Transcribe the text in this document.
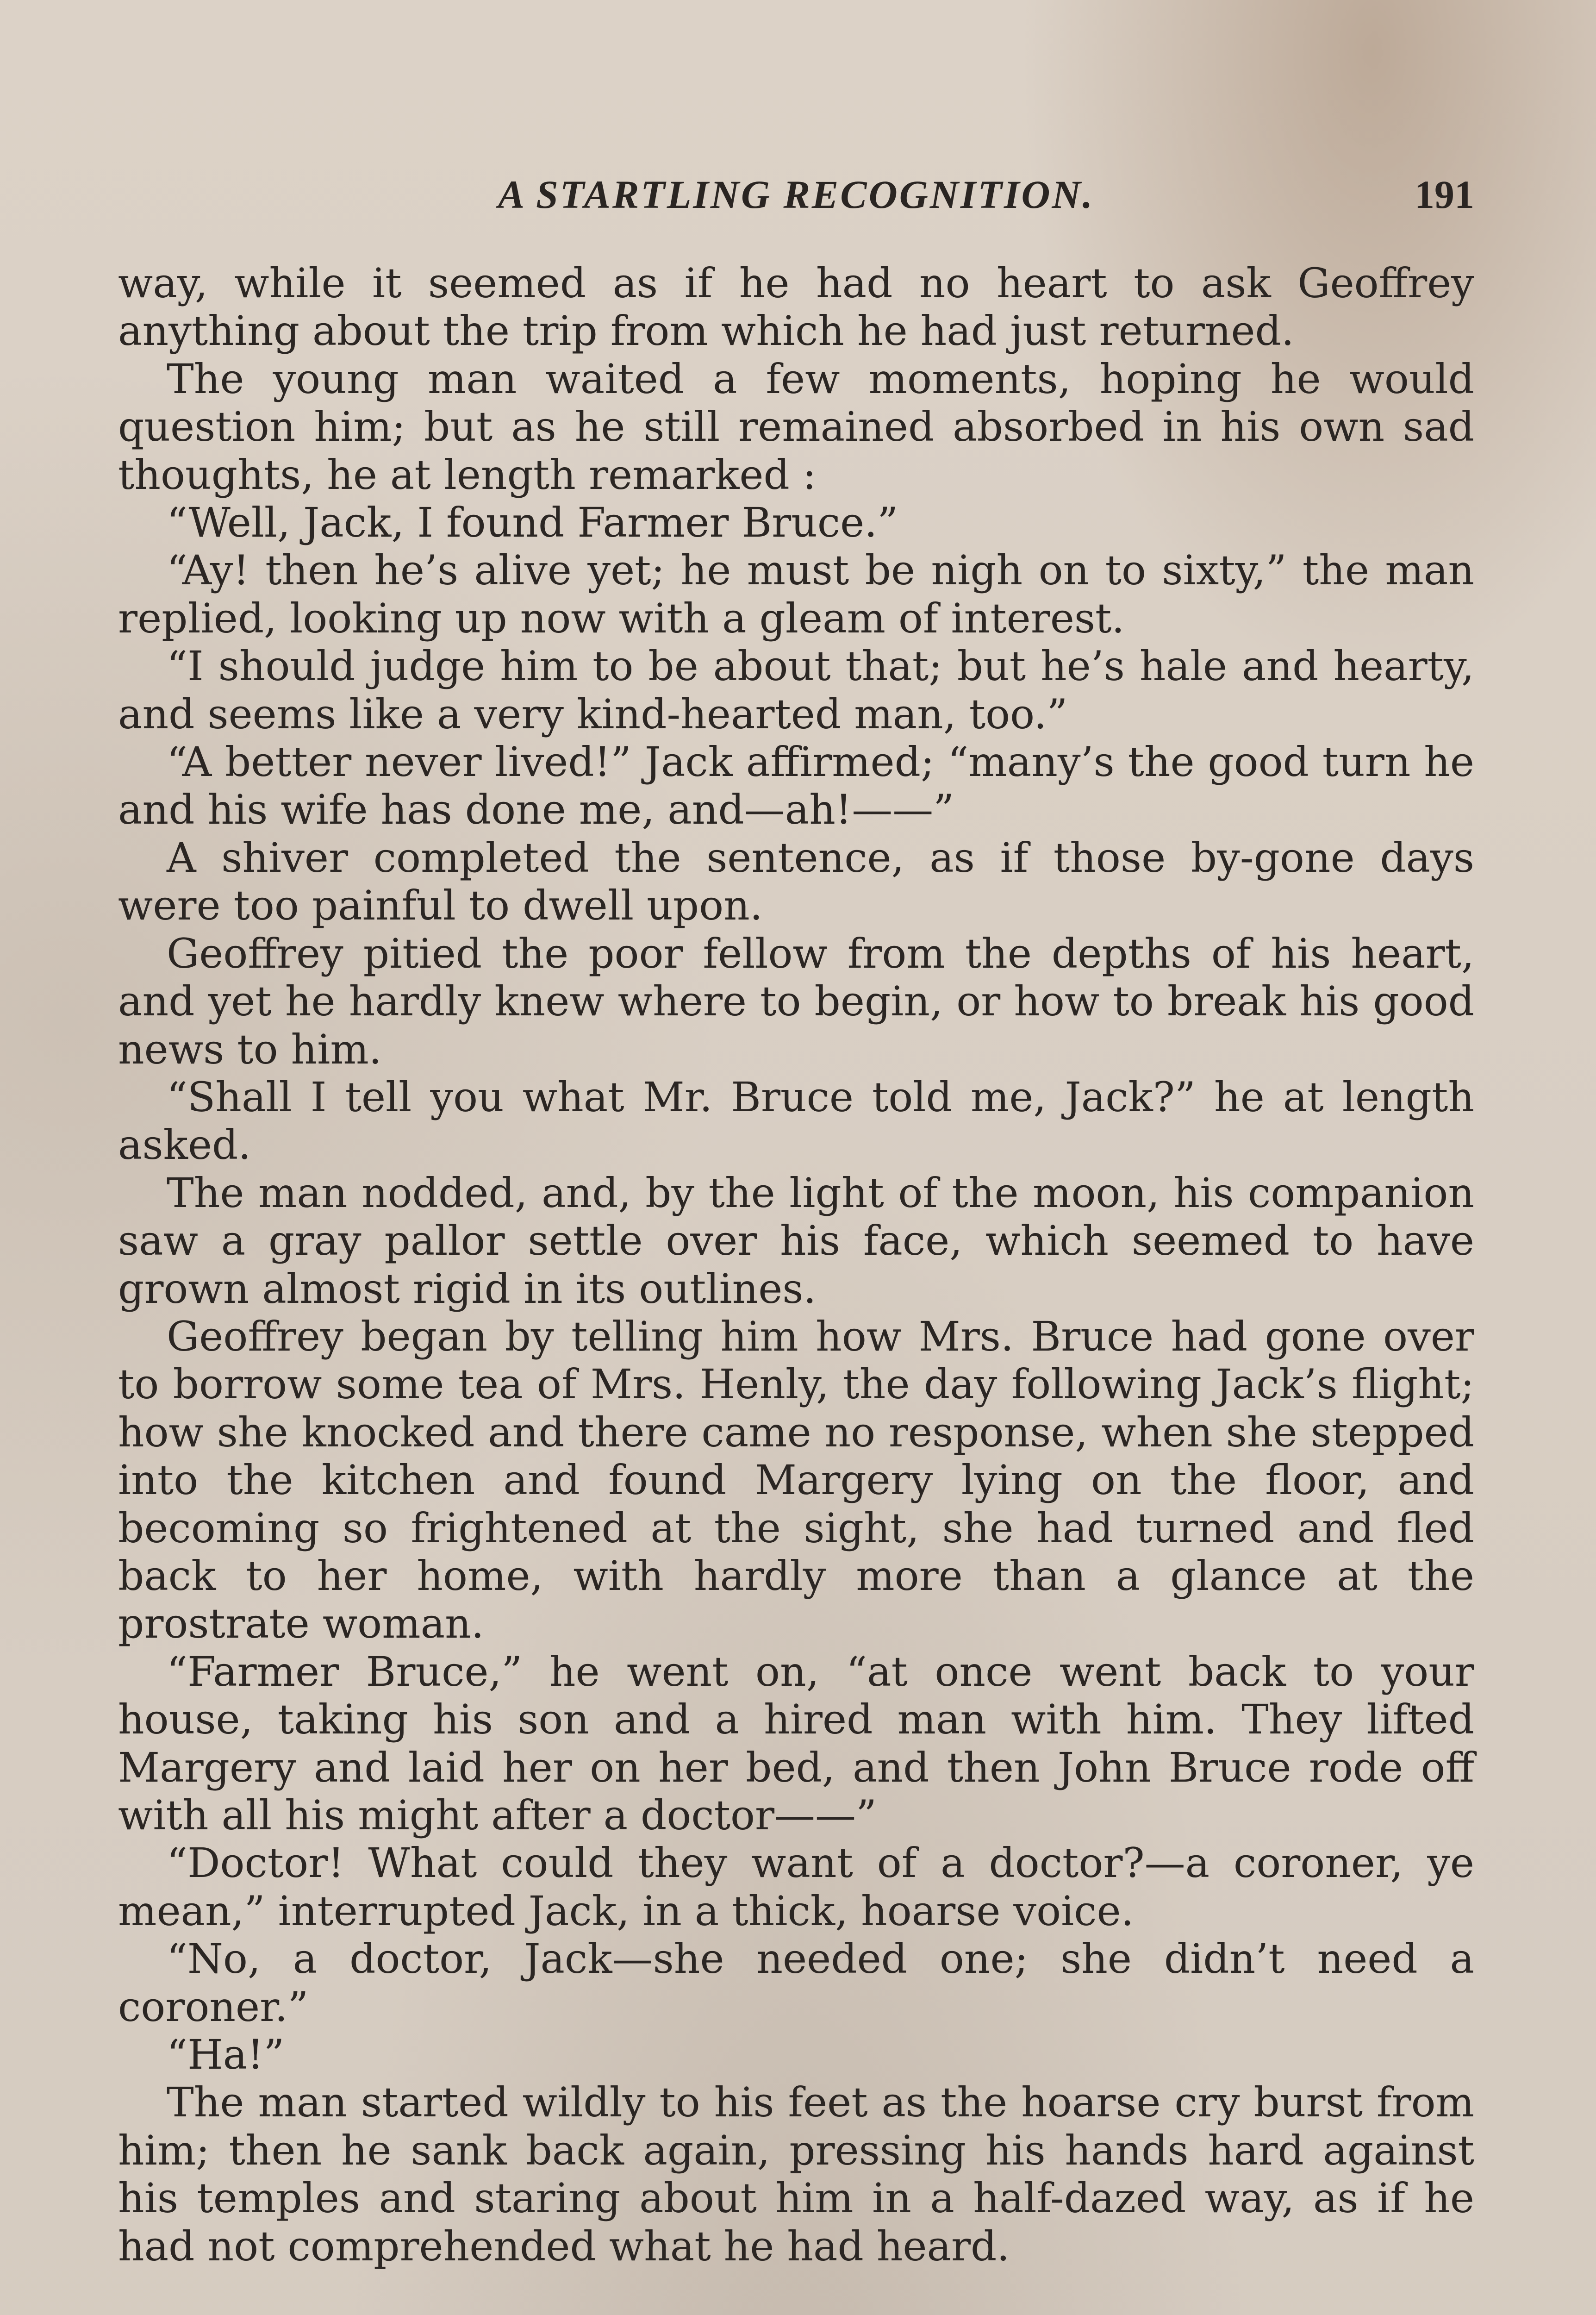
A STARTLING RECOGNITION.	191

way, while it seemed as if he had no heart to ask Geoffrey anything about the trip from which he had just returned.

The young man waited a few moments, hoping he would question him; but as he still remained absorbed in his own sad thoughts, he at length remarked :

“Well, Jack, I found Farmer Bruce.”

“Ay! then he’s alive yet; he must be nigh on to sixty,” the man replied, looking up now with a gleam of interest.

“I should judge him to be about that; but he’s hale and hearty, and seems like a very kind-hearted man, too.”

“A better never lived!” Jack affirmed; “many’s the good turn he and his wife has done me, and—ah!——”

A shiver completed the sentence, as if those by-gone days were too painful to dwell upon.

Geoffrey pitied the poor fellow from the depths of his heart, and yet he hardly knew where to begin, or how to break his good news to him.

“Shall I tell you what Mr. Bruce told me, Jack?” he at length asked.

The man nodded, and, by the light of the moon, his companion saw a gray pallor settle over his face, which seemed to have grown almost rigid in its outlines.

Geoffrey began by telling him how Mrs. Bruce had gone over to borrow some tea of Mrs. Henly, the day following Jack’s flight; how she knocked and there came no response, when she stepped into the kitchen and found Margery lying on the floor, and becoming so frightened at the sight, she had turned and fled back to her home, with hardly more than a glance at the prostrate woman.

“Farmer Bruce,” he went on, “at once went back to your house, taking his son and a hired man with him. They lifted Margery and laid her on her bed, and then John Bruce rode off with all his might after a doctor——”

“Doctor! What could they want of a doctor?—a coroner, ye mean,” interrupted Jack, in a thick, hoarse voice.

“No, a doctor, Jack—she needed one; she didn’t need a coroner.”

“Ha!”

The man started wildly to his feet as the hoarse cry burst from him; then he sank back again, pressing his hands hard against his temples and staring about him in a half-dazed way, as if he had not comprehended what he had heard.
